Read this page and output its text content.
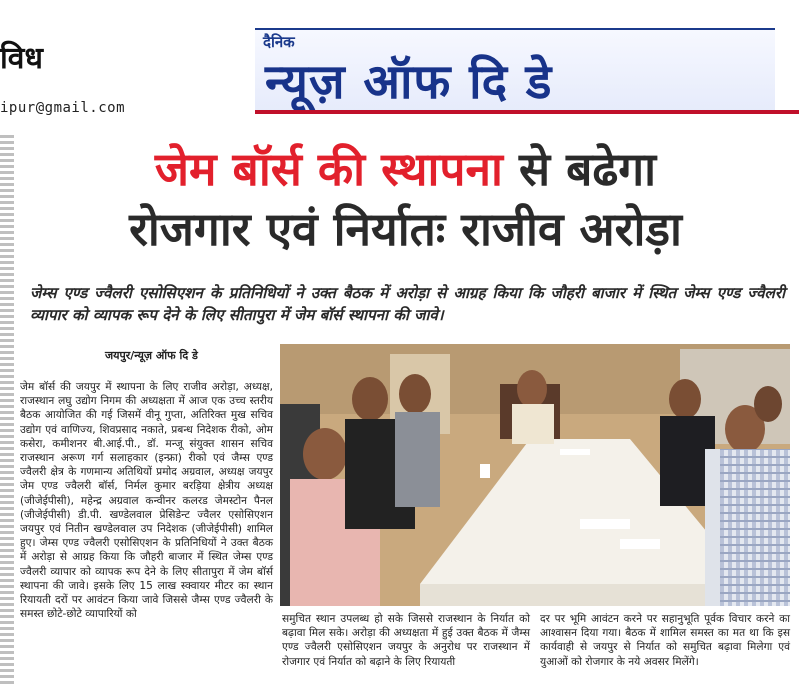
विध
ipur@gmail.com
दैनिक
न्यूज़ ऑफ दि डे
जेम बॉर्स की स्थापना से बढेगा
रोजगार एवं निर्यातः राजीव अरोड़ा
जेम्स एण्ड ज्वैलरी एसोसिएशन के प्रतिनिधियों ने उक्त बैठक में अरोड़ा से आग्रह किया कि जौहरी बाजार में स्थित जेम्स एण्ड ज्वैलरी व्यापार को व्यापक रूप देने के लिए सीतापुरा में जेम बॉर्स स्थापना की जावे।
जयपुर/न्यूज़ ऑफ दि डे
जेम बॉर्स की जयपुर में स्थापना के लिए राजीव अरोड़ा, अध्यक्ष, राजस्थान लघु उद्योग निगम की अध्यक्षता में आज एक उच्च स्तरीय बैठक आयोजित की गई जिसमें वीनू गुप्ता, अतिरिक्त मुख सचिव उद्योग एवं वाणिज्य, शिवप्रसाद नकाते, प्रबन्ध निदेशक रीको, ओम कसेरा, कमीशनर बी.आई.पी., डॉ. मन्जू संयुक्त शासन सचिव राजस्थान अरूण गर्ग सलाहकार (इन्फ्रा) रीको एवं जैम्स एण्ड ज्वैलरी क्षेत्र के गणमान्य अतिथियों प्रमोद अग्रवाल, अध्यक्ष जयपुर जेम एण्ड ज्वैलरी बॉर्स, निर्मल कुमार बरड़िया क्षेत्रीय अध्यक्ष (जीजेईपीसी), महेन्द्र अग्रवाल कन्वीनर कलरड जेमस्टोन पैनल (जीजेईपीसी) डी.पी. खण्डेलवाल प्रेसिडेन्ट ज्वैलर एसोसिएशन जयपुर एवं नितीन खण्डेलवाल उप निदेशक (जीजेईपीसी) शामिल हुए। जेम्स एण्ड ज्वैलरी एसोसिएशन के प्रतिनिधियों ने उक्त बैठक में अरोड़ा से आग्रह किया कि जौहरी बाजार में स्थित जेम्स एण्ड ज्वैलरी व्यापार को व्यापक रूप देने के लिए सीतापुरा में जेम बॉर्स स्थापना की जावे। इसके लिए 15 लाख स्क्वायर मीटर का स्थान रियायती दरों पर आवंटन किया जावे जिससे जैम्स एण्ड ज्वैलरी के समस्त छोटे-छोटे व्यापारियों को	समुचित स्थान उपलब्ध हो सके जिससे राजस्थान के निर्यात को बढ़ावा मिल सके। अरोड़ा की अध्यक्षता में हुई उक्त बैठक में जैम्स एण्ड ज्वैलरी एसोसिएशन जयपुर के अनुरोध पर राजस्थान में रोजगार एवं निर्यात को बढ़ाने के लिए रियायती
दर पर भूमि आवंटन करने पर सहानुभूति पूर्वक विचार करने का आश्वासन दिया गया। बैठक में शामिल समस्त का मत था कि इस कार्यवाही से जयपुर से निर्यात को समुचित बढ़ावा मिलेगा एवं युआओं को रोजगार के नये अवसर मिलेंगे।
